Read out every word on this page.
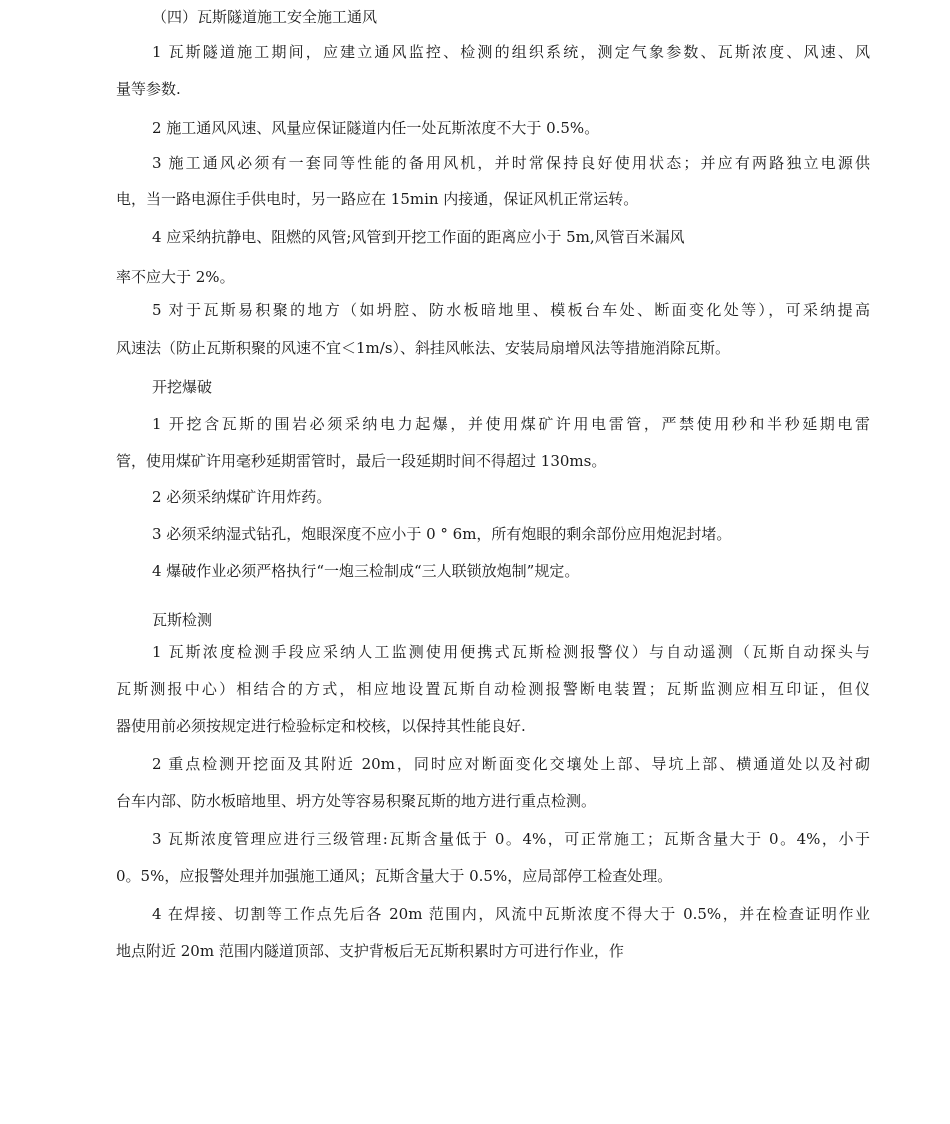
（四）瓦斯隧道施工安全施工通风
1 瓦斯隧道施工期间，应建立通风监控、检测的组织系统，测定气象参数、瓦斯浓度、风速、风
量等参数.
2 施工通风风速、风量应保证隧道内任一处瓦斯浓度不大于 0.5%。
3 施工通风必须有一套同等性能的备用风机，并时常保持良好使用状态；并应有两路独立电源供
电，当一路电源住手供电时，另一路应在 15min 内接通，保证风机正常运转。
4 应采纳抗静电、阻燃的风管;风管到开挖工作面的距离应小于 5m,风管百米漏风
率不应大于 2%。
5 对于瓦斯易积聚的地方（如坍腔、防水板暗地里、模板台车处、断面变化处等），可采纳提高
风速法（防止瓦斯积聚的风速不宜＜1m/s）、斜挂风帐法、安装局扇增风法等措施消除瓦斯。
开挖爆破
1 开挖含瓦斯的围岩必须采纳电力起爆，并使用煤矿许用电雷管，严禁使用秒和半秒延期电雷
管，使用煤矿许用毫秒延期雷管时，最后一段延期时间不得超过 130ms。
2 必须采纳煤矿许用炸药。
3 必须采纳湿式钻孔，炮眼深度不应小于 0 ° 6m，所有炮眼的剩余部份应用炮泥封堵。
4 爆破作业必须严格执行“一炮三检制成“三人联锁放炮制”规定。
瓦斯检测
1 瓦斯浓度检测手段应采纳人工监测使用便携式瓦斯检测报警仪）与自动遥测（瓦斯自动探头与
瓦斯测报中心）相结合的方式，相应地设置瓦斯自动检测报警断电装置；瓦斯监测应相互印证，但仪
器使用前必须按规定进行检验标定和校核，以保持其性能良好.
2 重点检测开挖面及其附近 20m，同时应对断面变化交壤处上部、导坑上部、横通道处以及衬砌
台车内部、防水板暗地里、坍方处等容易积聚瓦斯的地方进行重点检测。
3 瓦斯浓度管理应进行三级管理:瓦斯含量低于 0。4%，可正常施工；瓦斯含量大于 0。4%，小于
0。5%，应报警处理并加强施工通风；瓦斯含量大于 0.5%，应局部停工检查处理。
4 在焊接、切割等工作点先后各 20m 范围内，风流中瓦斯浓度不得大于 0.5%，并在检查证明作业
地点附近 20m 范围内隧道顶部、支护背板后无瓦斯积累时方可进行作业，作
